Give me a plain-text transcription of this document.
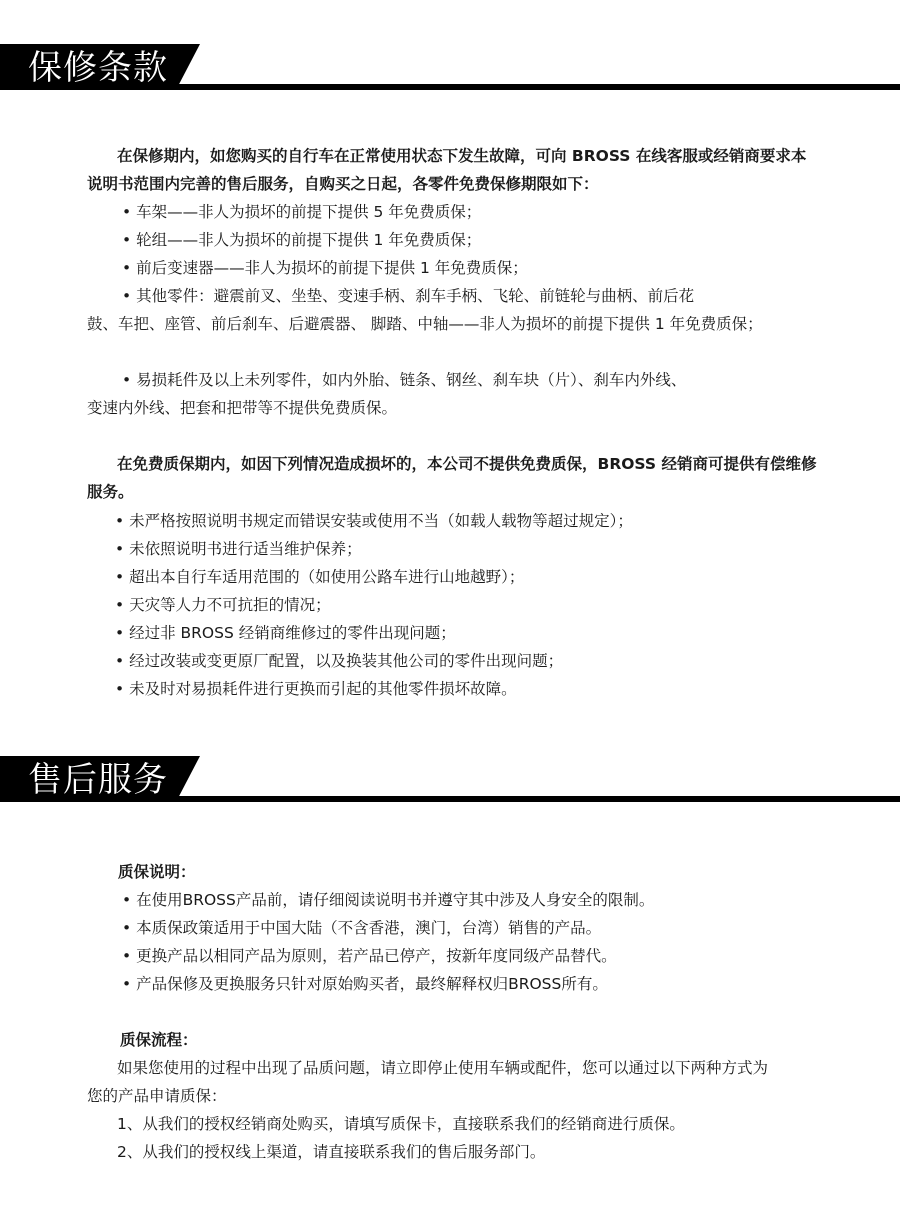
保修条款
在保修期内，如您购买的自行车在正常使用状态下发生故障，可向 BROSS 在线客服或经销商要求本说明书范围内完善的售后服务，自购买之日起，各零件免费保修期限如下：
• 车架——非人为损坏的前提下提供 5 年免费质保；
• 轮组——非人为损坏的前提下提供 1 年免费质保；
• 前后变速器——非人为损坏的前提下提供 1 年免费质保；
• 其他零件：避震前叉、坐垫、变速手柄、刹车手柄、飞轮、前链轮与曲柄、前后花
鼓、车把、座管、前后刹车、后避震器、 脚踏、中轴——非人为损坏的前提下提供 1 年免费质保；
• 易损耗件及以上未列零件，如内外胎、链条、钢丝、刹车块（片）、刹车内外线、
变速内外线、把套和把带等不提供免费质保。
在免费质保期内，如因下列情况造成损坏的，本公司不提供免费质保，BROSS 经销商可提供有偿维修服务。
• 未严格按照说明书规定而错误安装或使用不当（如载人载物等超过规定）；
• 未依照说明书进行适当维护保养；
• 超出本自行车适用范围的（如使用公路车进行山地越野）；
• 天灾等人力不可抗拒的情况；
• 经过非 BROSS 经销商维修过的零件出现问题；
• 经过改装或变更原厂配置，以及换装其他公司的零件出现问题；
• 未及时对易损耗件进行更换而引起的其他零件损坏故障。
售后服务
质保说明：
• 在使用BROSS产品前，请仔细阅读说明书并遵守其中涉及人身安全的限制。
• 本质保政策适用于中国大陆（不含香港，澳门，台湾）销售的产品。
• 更换产品以相同产品为原则，若产品已停产，按新年度同级产品替代。
• 产品保修及更换服务只针对原始购买者，最终解释权归BROSS所有。
质保流程：
如果您使用的过程中出现了品质问题，请立即停止使用车辆或配件，您可以通过以下两种方式为您的产品申请质保：
1、从我们的授权经销商处购买，请填写质保卡，直接联系我们的经销商进行质保。
2、从我们的授权线上渠道，请直接联系我们的售后服务部门。
